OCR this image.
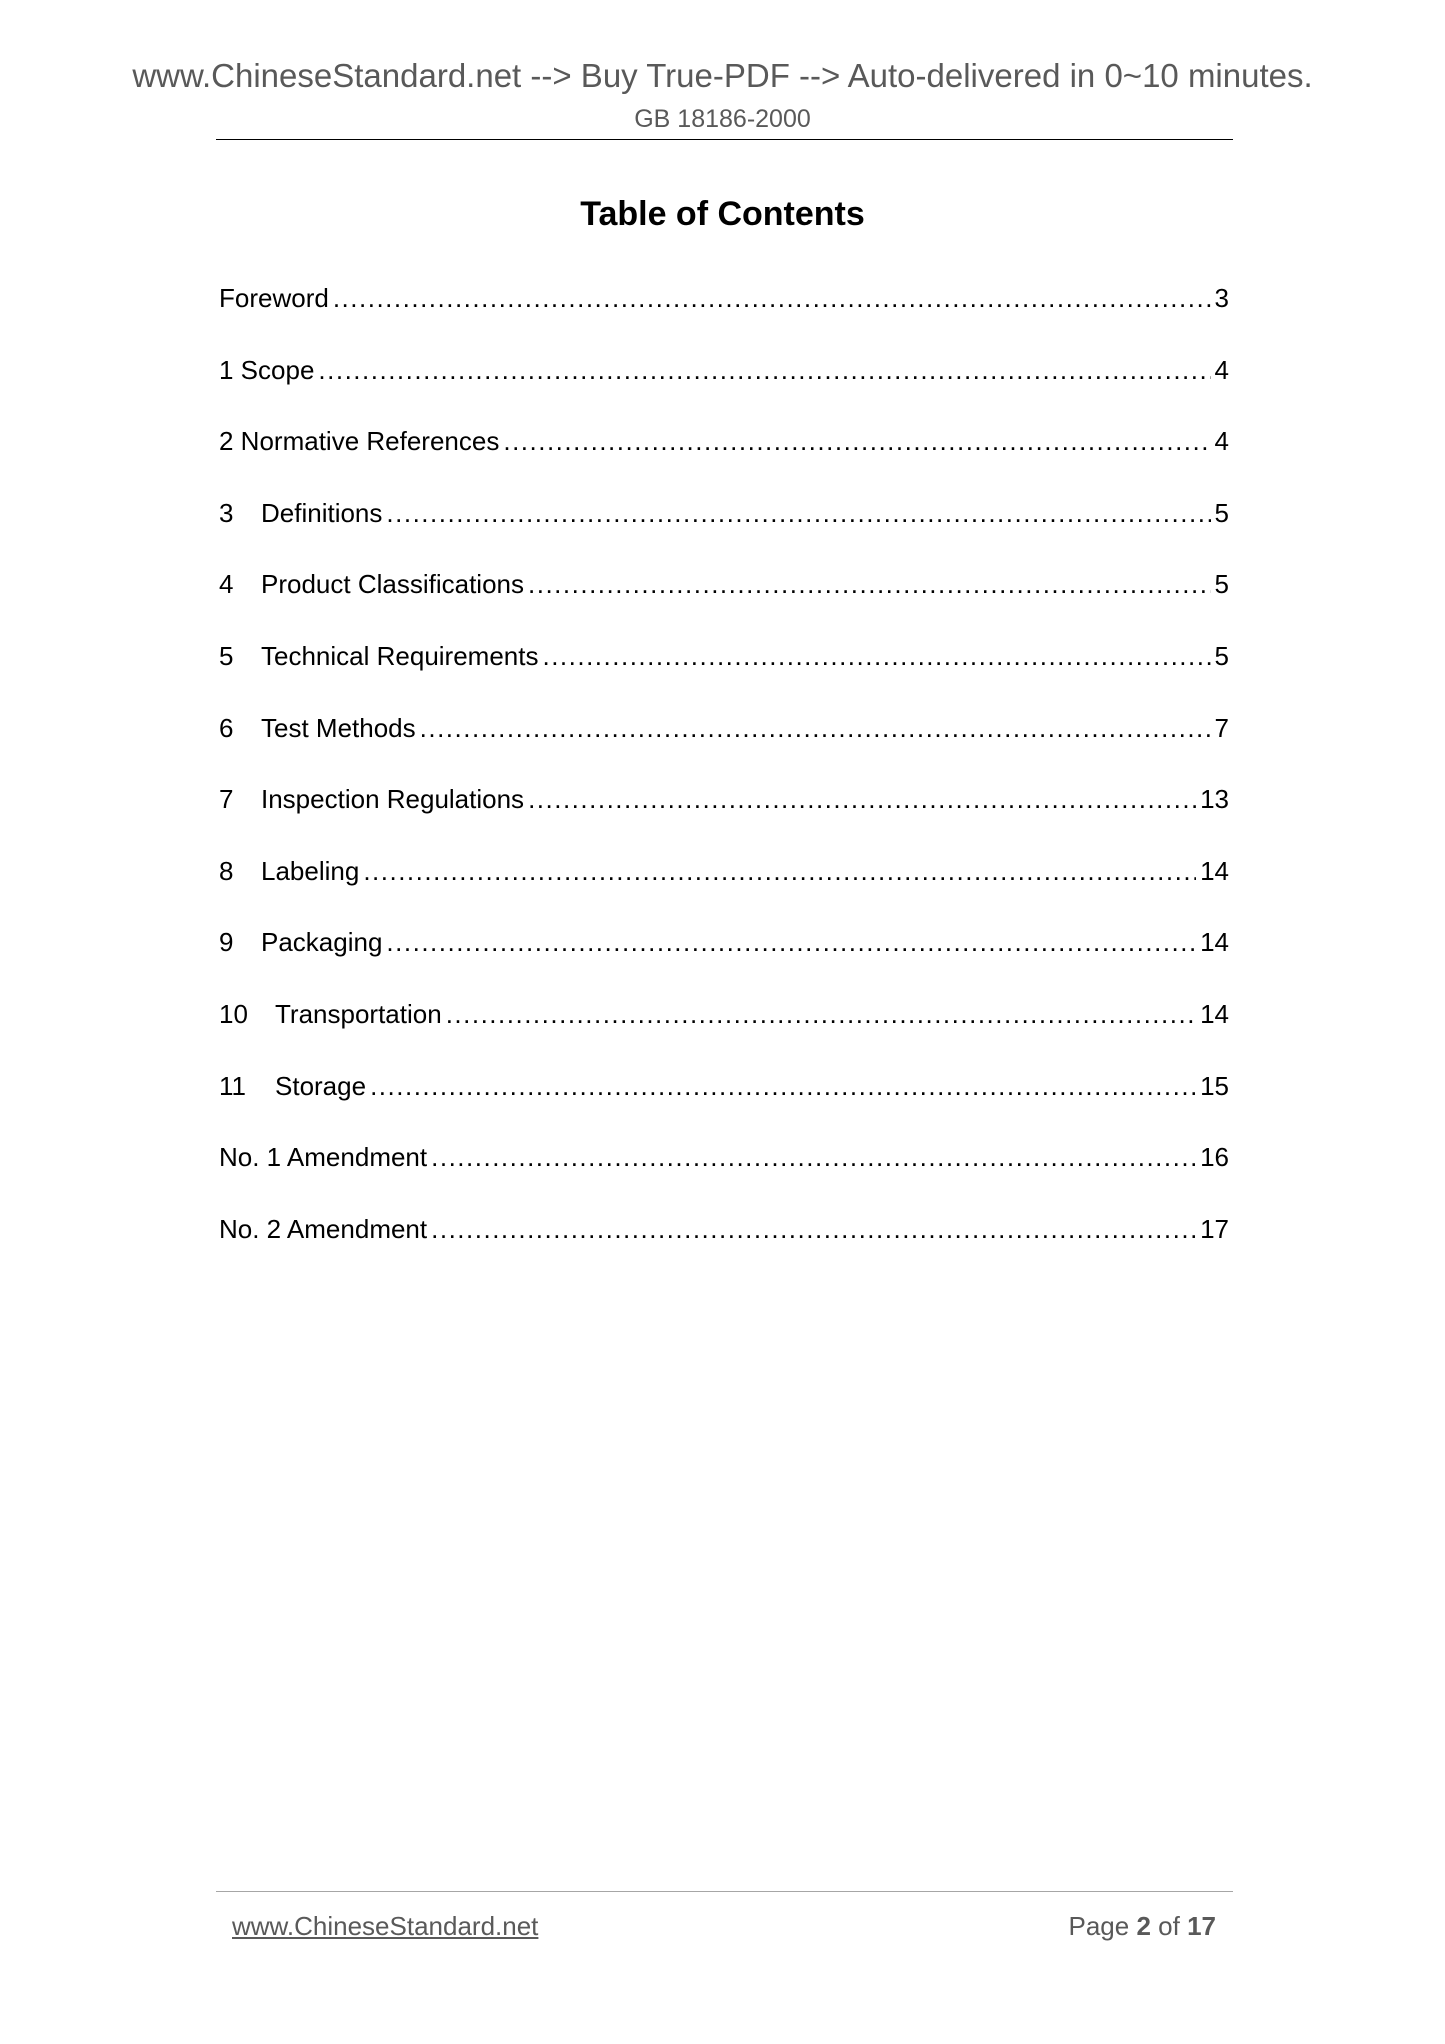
www.ChineseStandard.net --> Buy True-PDF --> Auto-delivered in 0~10 minutes.
GB 18186-2000
Table of Contents
Foreword .....	3
1 Scope .....	4
2 Normative References .....	4
3	Definitions .....	5
4	Product Classifications .....	5
5	Technical Requirements .....	5
6	Test Methods .....	7
7	Inspection Regulations .....	13
8	Labeling .....	14
9	Packaging .....	14
10	Transportation .....	14
11	Storage .....	15
No. 1 Amendment .....	16
No. 2 Amendment .....	17
www.ChineseStandard.net	Page 2 of 17
